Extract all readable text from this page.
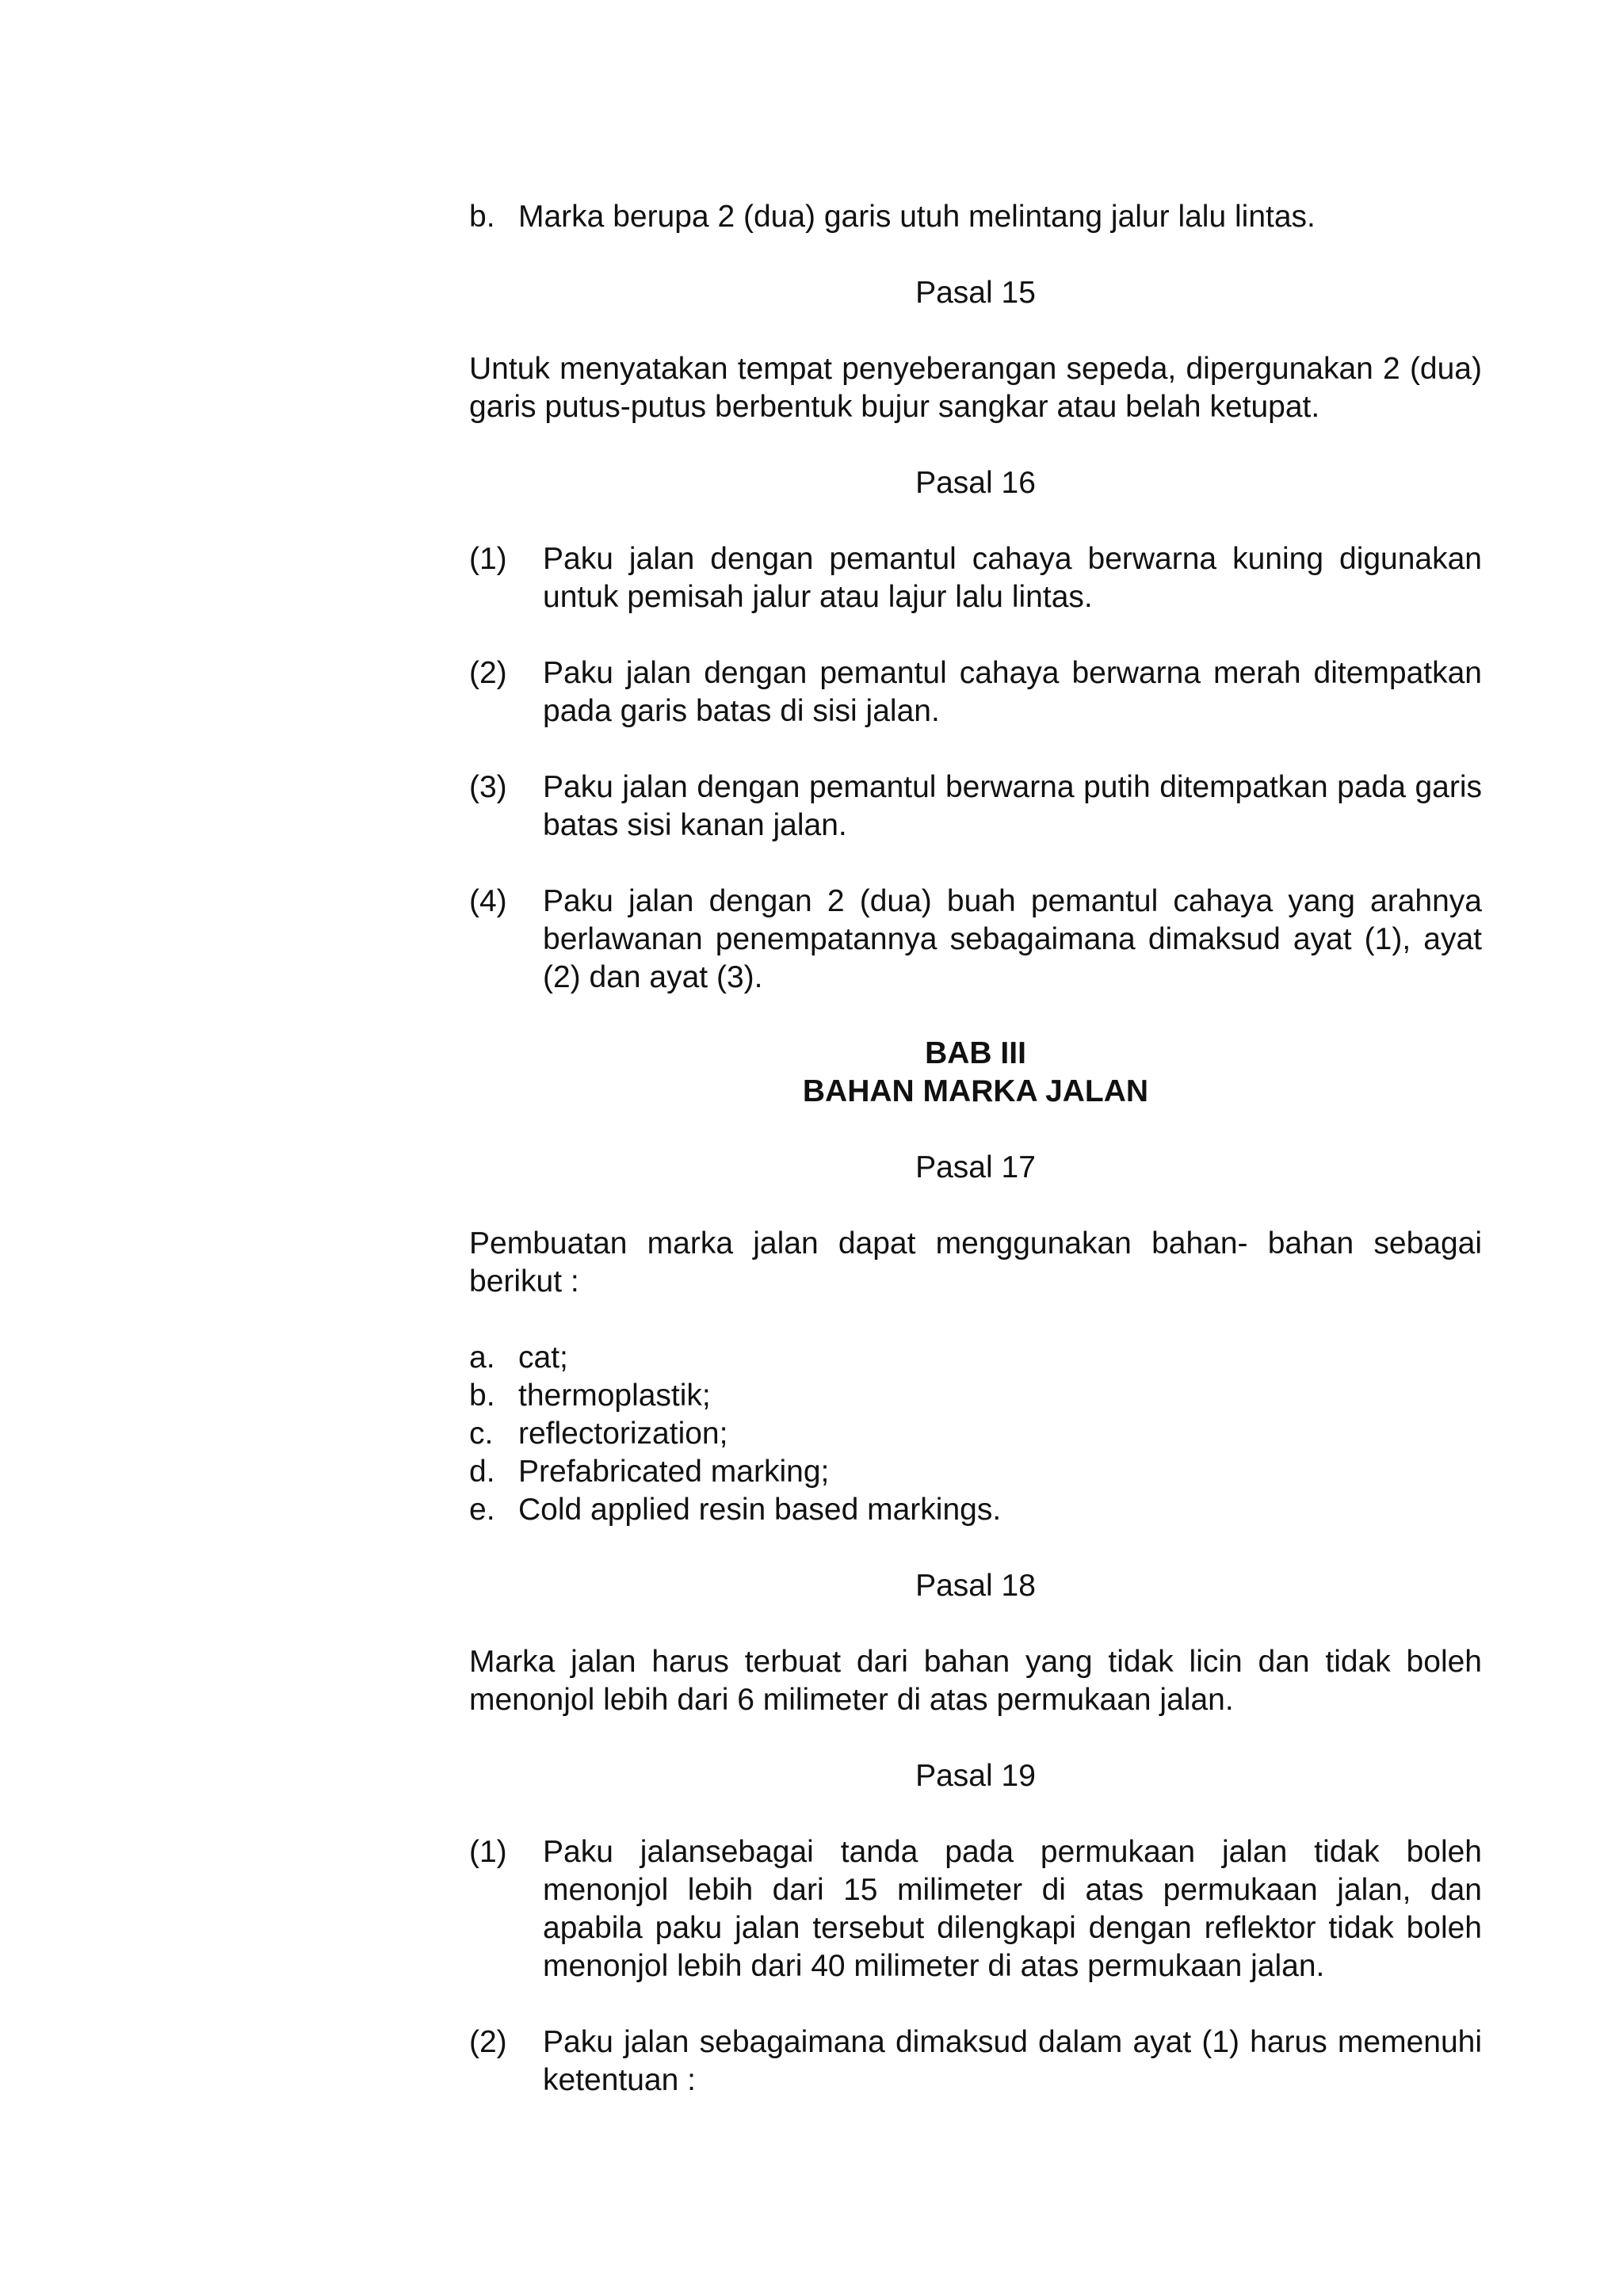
b. Marka berupa 2 (dua) garis utuh melintang jalur lalu lintas.

Pasal 15

Untuk menyatakan tempat penyeberangan sepeda, dipergunakan 2 (dua) garis putus-putus berbentuk bujur sangkar atau belah ketupat.

Pasal 16

(1)	Paku jalan dengan pemantul cahaya berwarna kuning digunakan untuk pemisah jalur atau lajur lalu lintas.
(2)	Paku jalan dengan pemantul cahaya berwarna merah ditempatkan pada garis batas di sisi jalan.
(3)	Paku jalan dengan pemantul berwarna putih ditempatkan pada garis batas sisi kanan jalan.
(4)	Paku jalan dengan 2 (dua) buah pemantul cahaya yang arahnya berlawanan penempatannya sebagaimana dimaksud ayat (1), ayat (2) dan ayat (3).

BAB III

BAHAN MARKA JALAN

Pasal 17

Pembuatan marka jalan dapat menggunakan bahan- bahan sebagai berikut :

a. cat;
b. thermoplastik;
c. reflectorization;
d. Prefabricated marking;
e. Cold applied resin based markings.

Pasal 18

Marka jalan harus terbuat dari bahan yang tidak licin dan tidak boleh menonjol lebih dari 6 milimeter di atas permukaan jalan.

Pasal 19

(1)	Paku jalansebagai tanda pada permukaan jalan tidak boleh menonjol lebih dari 15 milimeter di atas permukaan jalan, dan apabila paku jalan tersebut dilengkapi dengan reflektor tidak boleh menonjol lebih dari 40 milimeter di atas permukaan jalan.
(2)	Paku jalan sebagaimana dimaksud dalam ayat (1) harus memenuhi ketentuan :
